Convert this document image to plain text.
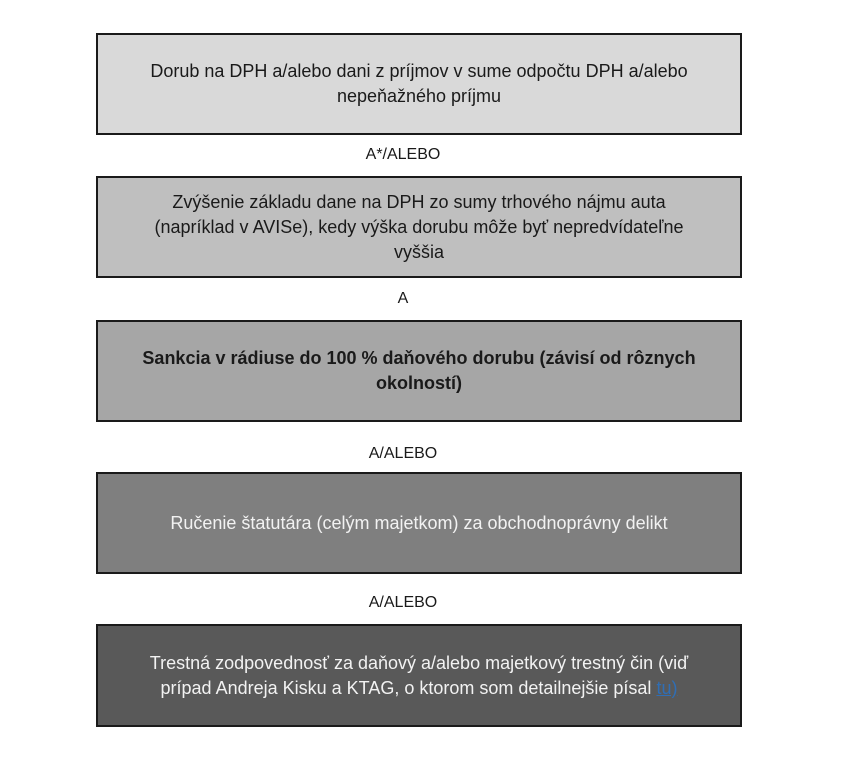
Dorub na DPH a/alebo dani z príjmov v sume odpočtu DPH a/alebo nepeňažného príjmu
A*/ALEBO
Zvýšenie základu dane na DPH zo sumy trhového nájmu auta (napríklad v AVISe), kedy výška dorubu môže byť nepredvídateľne vyššia
A
Sankcia v rádiuse do 100 % daňového dorubu (závisí od rôznych okolností)
A/ALEBO
Ručenie štatutára (celým majetkom) za obchodnoprávny delikt
A/ALEBO
Trestná zodpovednosť za daňový a/alebo majetkový trestný čin (viď prípad Andreja Kisku a KTAG, o ktorom som detailnejšie písal tu)
